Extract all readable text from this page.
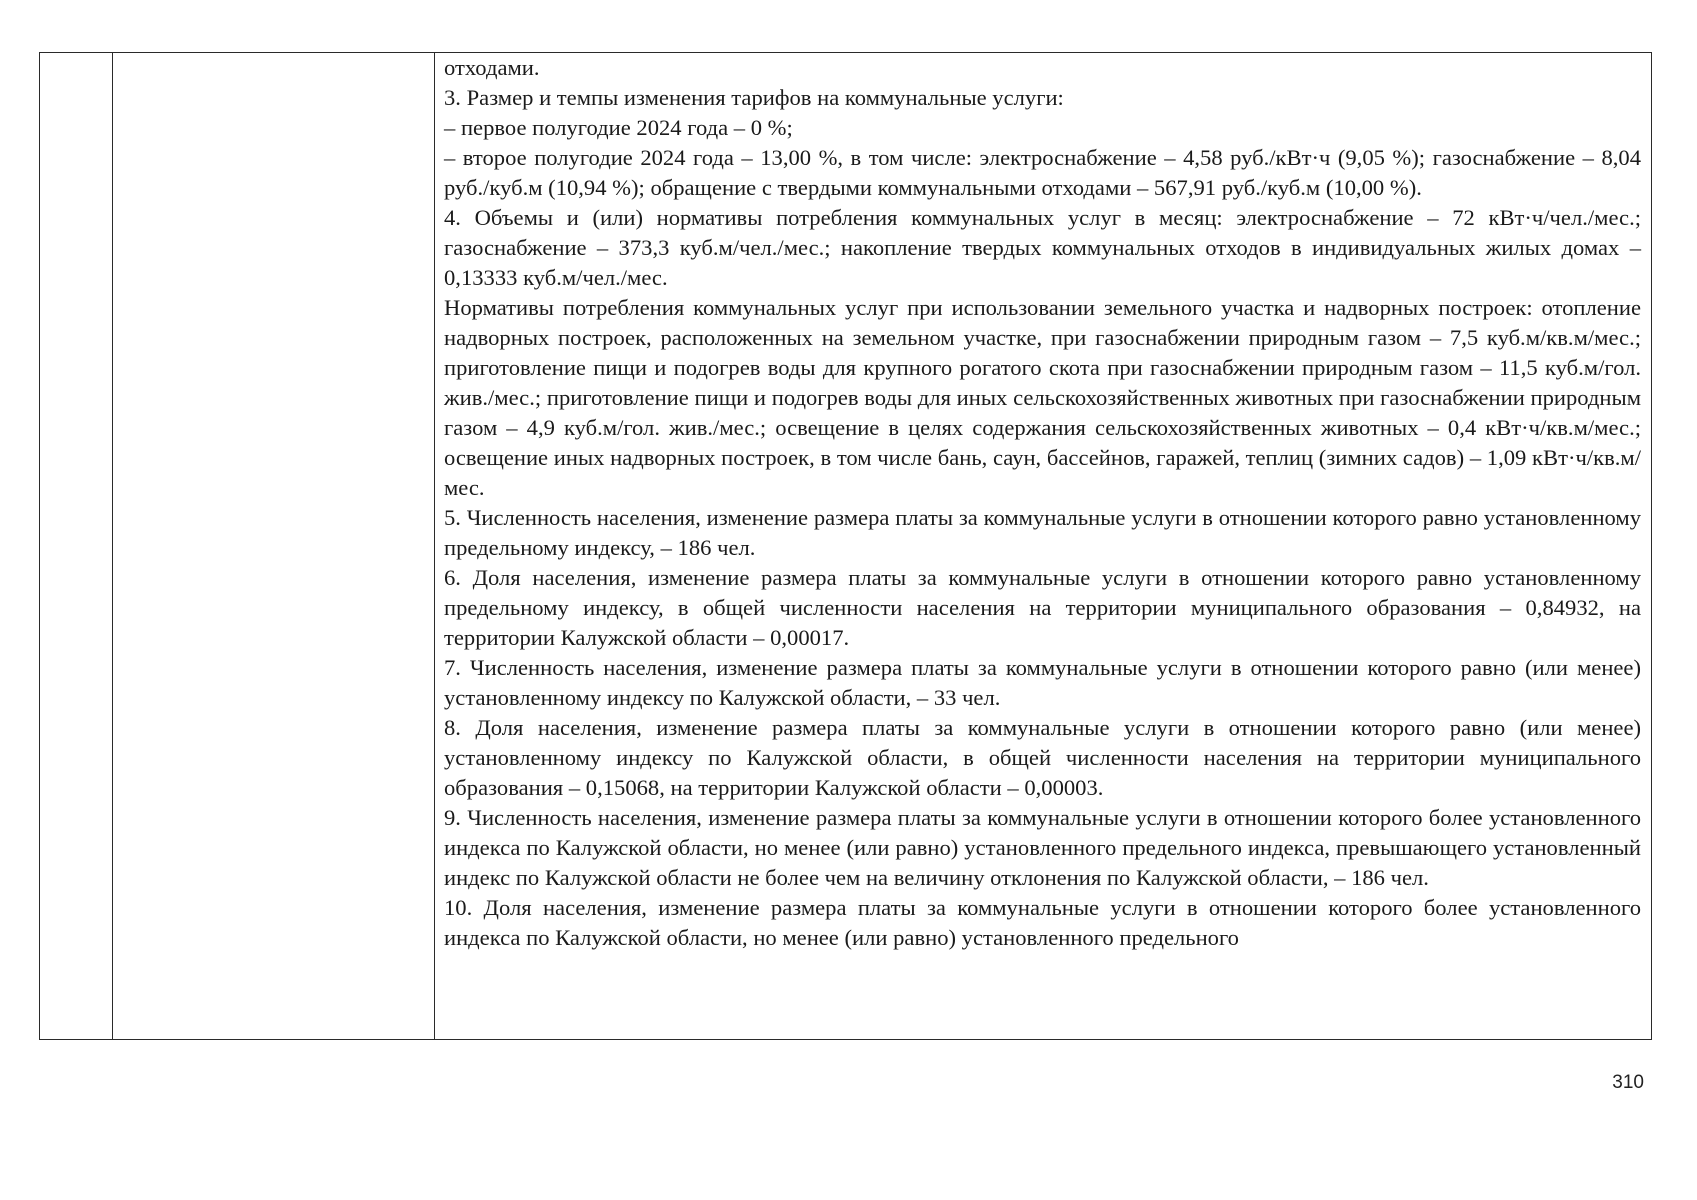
отходами.

3. Размер и темпы изменения тарифов на коммунальные услуги:

– первое полугодие 2024 года – 0 %;

– второе полугодие 2024 года – 13,00 %, в том числе: электроснабжение – 4,58 руб./кВт·ч (9,05 %); газоснабжение – 8,04 руб./куб.м (10,94 %); обращение с твердыми коммунальными отходами – 567,91 руб./куб.м (10,00 %).

4. Объемы и (или) нормативы потребления коммунальных услуг в месяц: электроснабжение – 72 кВт·ч/чел./мес.; газоснабжение – 373,3 куб.м/чел./мес.; накопление твердых коммунальных отходов в индивидуальных жилых домах – 0,13333 куб.м/чел./мес.

Нормативы потребления коммунальных услуг при использовании земельного участка и надворных построек: отопление надворных построек, расположенных на земельном участке, при газоснабжении природным газом – 7,5 куб.м/кв.м/мес.; приготовление пищи и подогрев воды для крупного рогатого скота при газоснабжении природным газом – 11,5 куб.м/гол. жив./мес.; приготовление пищи и подогрев воды для иных сельскохозяйственных животных при газоснабжении природным газом – 4,9 куб.м/гол. жив./мес.; освещение в целях содержания сельскохозяйственных животных – 0,4 кВт·ч/кв.м/мес.; освещение иных надворных построек, в том числе бань, саун, бассейнов, гаражей, теплиц (зимних садов) – 1,09 кВт·ч/кв.м/мес.

5. Численность населения, изменение размера платы за коммунальные услуги в отношении которого равно установленному предельному индексу, – 186 чел.

6. Доля населения, изменение размера платы за коммунальные услуги в отношении которого равно установленному предельному индексу, в общей численности населения на территории муниципального образования – 0,84932, на территории Калужской области – 0,00017.

7. Численность населения, изменение размера платы за коммунальные услуги в отношении которого равно (или менее) установленному индексу по Калужской области, – 33 чел.

8. Доля населения, изменение размера платы за коммунальные услуги в отношении которого равно (или менее) установленному индексу по Калужской области, в общей численности населения на территории муниципального образования – 0,15068, на территории Калужской области – 0,00003.

9. Численность населения, изменение размера платы за коммунальные услуги в отношении которого более установленного индекса по Калужской области, но менее (или равно) установленного предельного индекса, превышающего установленный индекс по Калужской области не более чем на величину отклонения по Калужской области, – 186 чел.

10. Доля населения, изменение размера платы за коммунальные услуги в отношении которого более установленного индекса по Калужской области, но менее (или равно) установленного предельного

310
